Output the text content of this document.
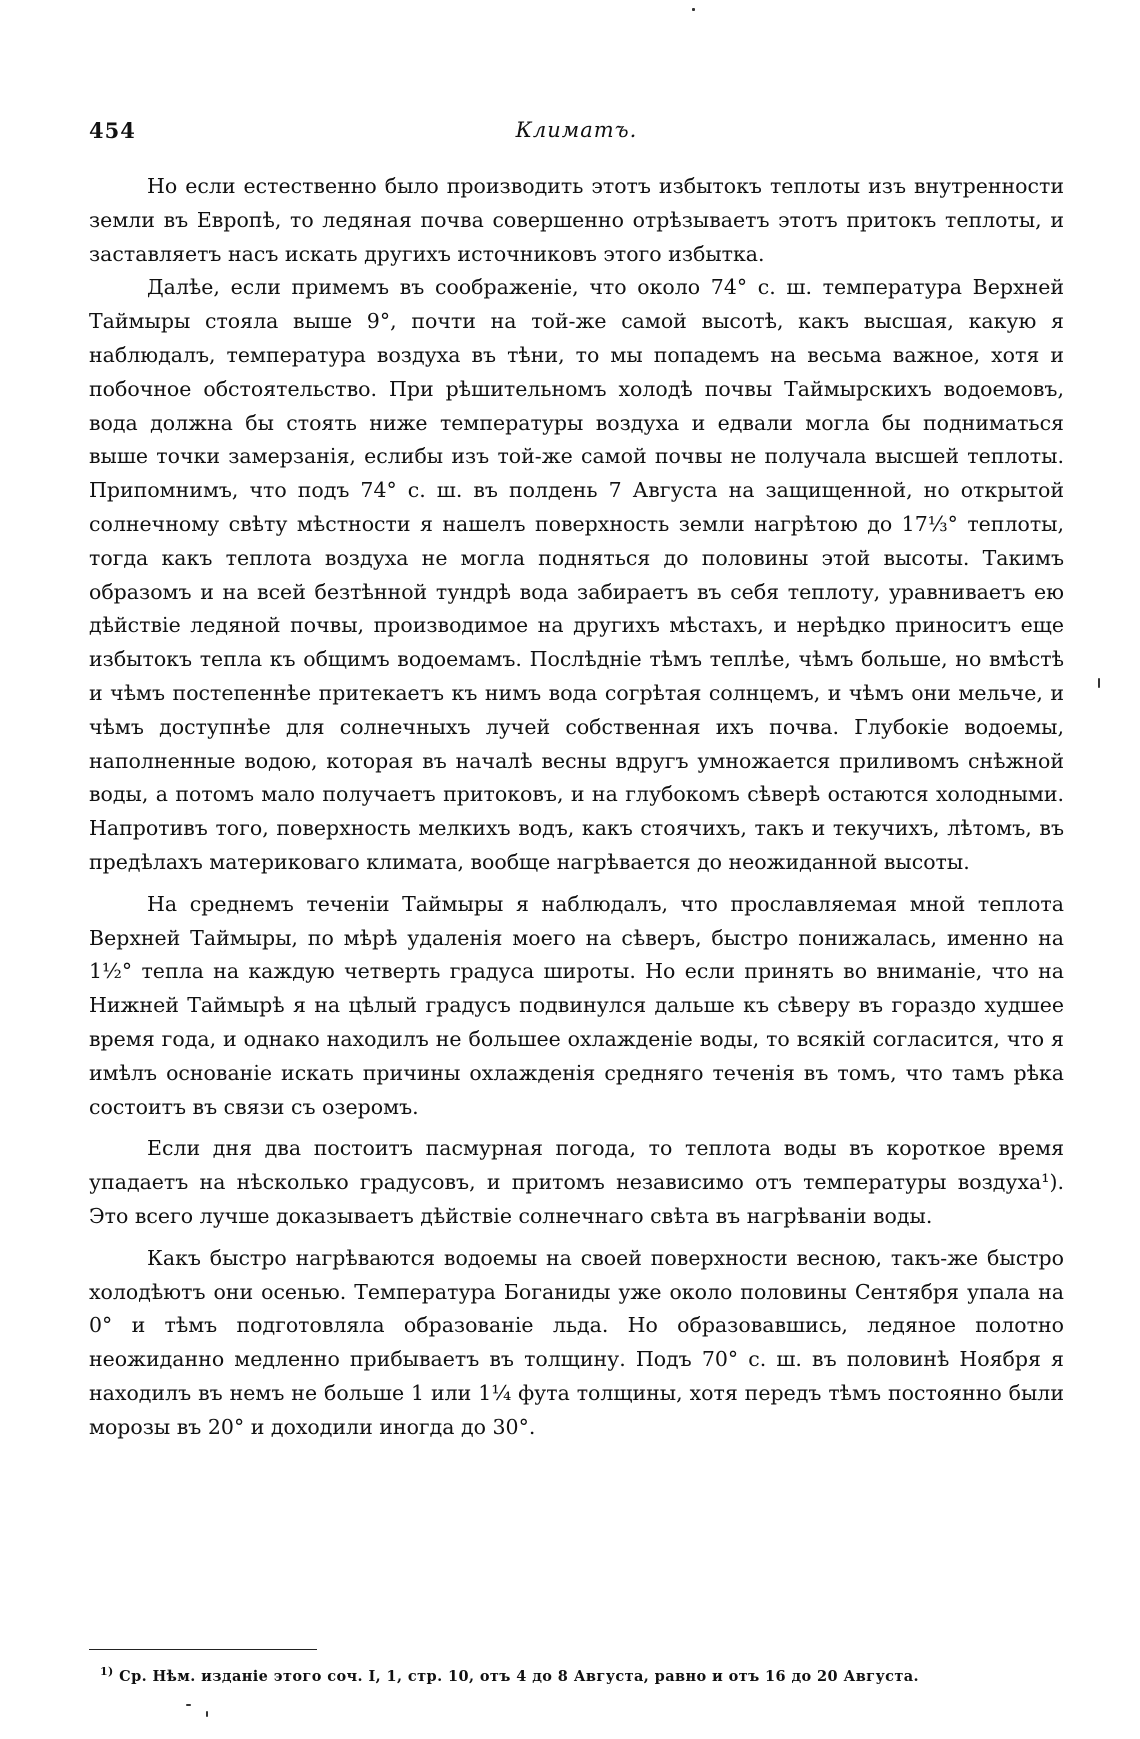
454	Климатъ.

Но если естественно было производить этотъ избытокъ теплоты изъ внутренности земли въ Европѣ, то ледяная почва совершенно отрѣзываетъ этотъ притокъ теплоты, и заставляетъ насъ искать другихъ источниковъ этого избытка.

Далѣе, если примемъ въ соображеніе, что около 74° с. ш. температура Верхней Таймыры стояла выше 9°, почти на той-же самой высотѣ, какъ высшая, какую я наблюдалъ, температура воздуха въ тѣни, то мы попадемъ на весьма важное, хотя и побочное обстоятельство. При рѣшительномъ холодѣ почвы Таймырскихъ водоемовъ, вода должна бы стоять ниже температуры воздуха и едвали могла бы подниматься выше точки замерзанія, еслибы изъ той-же самой почвы не получала высшей теплоты. Припомнимъ, что подъ 74° с. ш. въ полдень 7 Августа на защищенной, но открытой солнечному свѣту мѣстности я нашелъ поверхность земли нагрѣтою до 17⅓° теплоты, тогда какъ теплота воздуха не могла подняться до половины этой высоты. Такимъ образомъ и на всей безтѣнной тундрѣ вода забираетъ въ себя теплоту, уравниваетъ ею дѣйствіе ледяной почвы, производимое на другихъ мѣстахъ, и нерѣдко приноситъ еще избытокъ тепла къ общимъ водоемамъ. Послѣдніе тѣмъ теплѣе, чѣмъ больше, но вмѣстѣ и чѣмъ постепеннѣе притекаетъ къ нимъ вода согрѣтая солнцемъ, и чѣмъ они мельче, и чѣмъ доступнѣе для солнечныхъ лучей собственная ихъ почва. Глубокіе водоемы, наполненные водою, которая въ началѣ весны вдругъ умножается приливомъ снѣжной воды, а потомъ мало получаетъ притоковъ, и на глубокомъ сѣверѣ остаются холодными. Напротивъ того, поверхность мелкихъ водъ, какъ стоячихъ, такъ и текучихъ, лѣтомъ, въ предѣлахъ материковаго климата, вообще нагрѣвается до неожиданной высоты.

На среднемъ теченіи Таймыры я наблюдалъ, что прославляемая мной теплота Верхней Таймыры, по мѣрѣ удаленія моего на сѣверъ, быстро понижалась, именно на 1½° тепла на каждую четверть градуса широты. Но если принять во вниманіе, что на Нижней Таймырѣ я на цѣлый градусъ подвинулся дальше къ сѣверу въ гораздо худшее время года, и однако находилъ не большее охлажденіе воды, то всякій согласится, что я имѣлъ основаніе искать причины охлажденія средняго теченія въ томъ, что тамъ рѣка состоитъ въ связи съ озеромъ.

Если дня два постоитъ пасмурная погода, то теплота воды въ короткое время упадаетъ на нѣсколько градусовъ, и притомъ независимо отъ температуры воздуха¹). Это всего лучше доказываетъ дѣйствіе солнечнаго свѣта въ нагрѣваніи воды.

Какъ быстро нагрѣваются водоемы на своей поверхности весною, такъ-же быстро холодѣютъ они осенью. Температура Боганиды уже около половины Сентября упала на 0° и тѣмъ подготовляла образованіе льда. Но образовавшись, ледяное полотно неожиданно медленно прибываетъ въ толщину. Подъ 70° с. ш. въ половинѣ Ноября я находилъ въ немъ не больше 1 или 1¼ фута толщины, хотя передъ тѣмъ постоянно были морозы въ 20° и доходили иногда до 30°.

$^{1)}$ Ср. Нѣм. изданіе этого соч. I, 1, стр. 10, отъ 4 до 8 Августа, равно и отъ 16 до 20 Августа.
